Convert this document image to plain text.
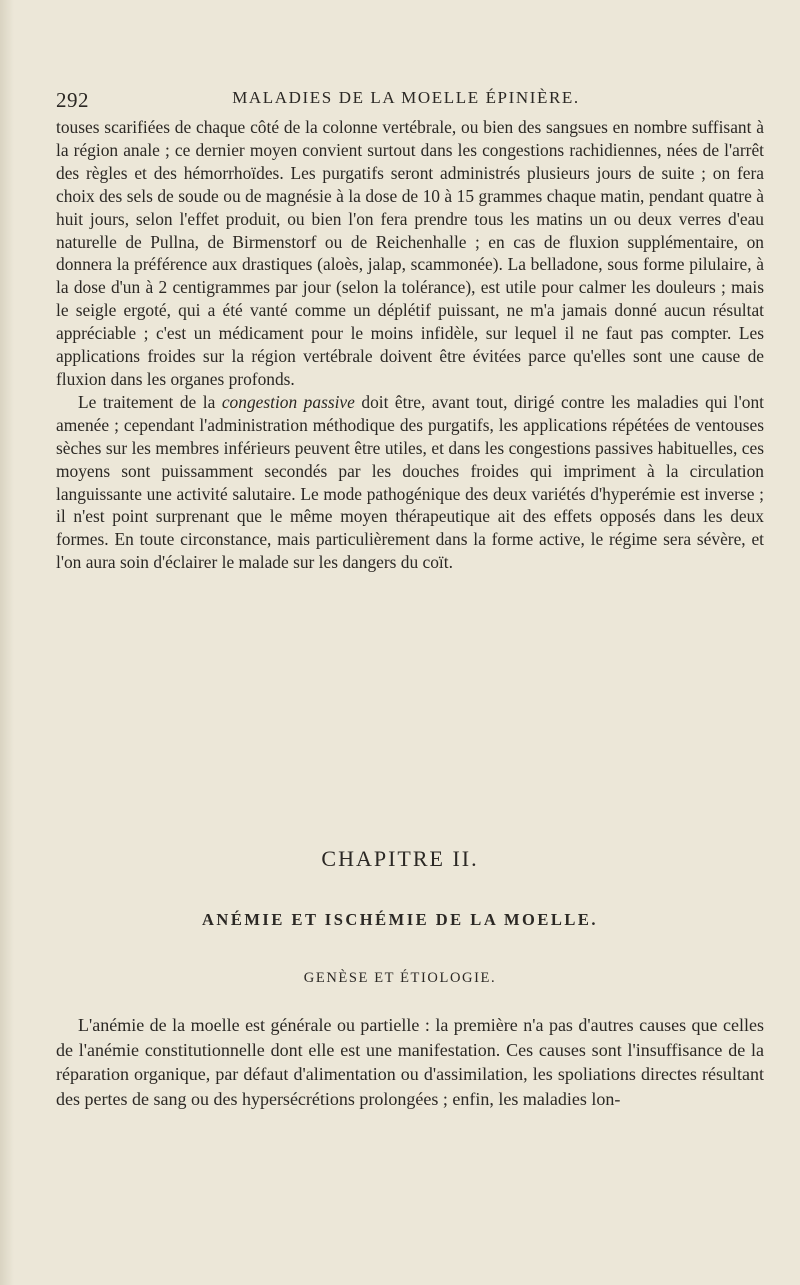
292	MALADIES DE LA MOELLE ÉPINIÈRE.

touses scarifiées de chaque côté de la colonne vertébrale, ou bien des sangsues en nombre suffisant à la région anale ; ce dernier moyen convient surtout dans les congestions rachidiennes, nées de l'arrêt des règles et des hémorrhoïdes. Les purgatifs seront administrés plusieurs jours de suite ; on fera choix des sels de soude ou de magnésie à la dose de 10 à 15 grammes chaque matin, pendant quatre à huit jours, selon l'effet produit, ou bien l'on fera prendre tous les matins un ou deux verres d'eau naturelle de Pullna, de Birmenstorf ou de Reichenhalle ; en cas de fluxion supplémentaire, on donnera la préférence aux drastiques (aloès, jalap, scammonée). La belladone, sous forme pilulaire, à la dose d'un à 2 centigrammes par jour (selon la tolérance), est utile pour calmer les douleurs ; mais le seigle ergoté, qui a été vanté comme un déplétif puissant, ne m'a jamais donné aucun résultat appréciable ; c'est un médicament pour le moins infidèle, sur lequel il ne faut pas compter. Les applications froides sur la région vertébrale doivent être évitées parce qu'elles sont une cause de fluxion dans les organes profonds.

Le traitement de la congestion passive doit être, avant tout, dirigé contre les maladies qui l'ont amenée ; cependant l'administration méthodique des purgatifs, les applications répétées de ventouses sèches sur les membres inférieurs peuvent être utiles, et dans les congestions passives habituelles, ces moyens sont puissamment secondés par les douches froides qui impriment à la circulation languissante une activité salutaire. Le mode pathogénique des deux variétés d'hyperémie est inverse ; il n'est point surprenant que le même moyen thérapeutique ait des effets opposés dans les deux formes. En toute circonstance, mais particulièrement dans la forme active, le régime sera sévère, et l'on aura soin d'éclairer le malade sur les dangers du coït.

CHAPITRE II.
ANÉMIE ET ISCHÉMIE DE LA MOELLE.
GENÈSE ET ÉTIOLOGIE.

L'anémie de la moelle est générale ou partielle : la première n'a pas d'autres causes que celles de l'anémie constitutionnelle dont elle est une manifestation. Ces causes sont l'insuffisance de la réparation organique, par défaut d'alimentation ou d'assimilation, les spoliations directes résultant des pertes de sang ou des hypersécrétions prolongées ; enfin, les maladies lon-
